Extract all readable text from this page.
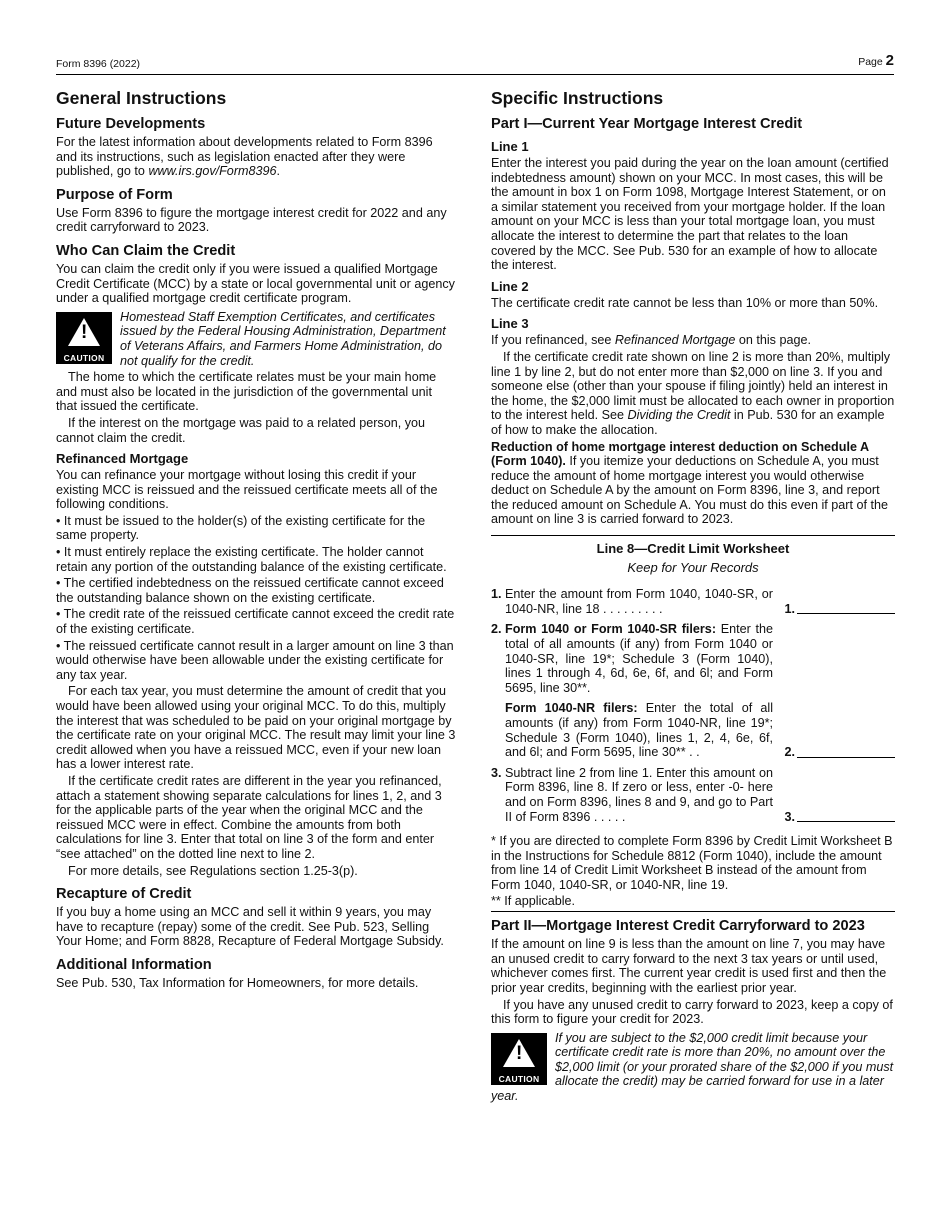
Form 8396 (2022)	Page 2
General Instructions
Future Developments

For the latest information about developments related to Form 8396 and its instructions, such as legislation enacted after they were published, go to www.irs.gov/Form8396.

Purpose of Form

Use Form 8396 to figure the mortgage interest credit for 2022 and any credit carryforward to 2023.

Who Can Claim the Credit

You can claim the credit only if you were issued a qualified Mortgage Credit Certificate (MCC) by a state or local governmental unit or agency under a qualified mortgage credit certificate program.

!
CAUTION
Homestead Staff Exemption Certificates, and certificates issued by the Federal Housing Administration, Department of Veterans Affairs, and Farmers Home Administration, do not qualify for the credit.

The home to which the certificate relates must be your main home and must also be located in the jurisdiction of the governmental unit that issued the certificate.

If the interest on the mortgage was paid to a related person, you cannot claim the credit.

Refinanced Mortgage

You can refinance your mortgage without losing this credit if your existing MCC is reissued and the reissued certificate meets all of the following conditions.

• It must be issued to the holder(s) of the existing certificate for the same property.

• It must entirely replace the existing certificate. The holder cannot retain any portion of the outstanding balance of the existing certificate.

• The certified indebtedness on the reissued certificate cannot exceed the outstanding balance shown on the existing certificate.

• The credit rate of the reissued certificate cannot exceed the credit rate of the existing certificate.

• The reissued certificate cannot result in a larger amount on line 3 than would otherwise have been allowable under the existing certificate for any tax year.

For each tax year, you must determine the amount of credit that you would have been allowed using your original MCC. To do this, multiply the interest that was scheduled to be paid on your original mortgage by the certificate rate on your original MCC. The result may limit your line 3 credit allowed when you have a reissued MCC, even if your new loan has a lower interest rate.

If the certificate credit rates are different in the year you refinanced, attach a statement showing separate calculations for lines 1, 2, and 3 for the applicable parts of the year when the original MCC and the reissued MCC were in effect. Combine the amounts from both calculations for line 3. Enter that total on line 3 of the form and enter “see attached” on the dotted line next to line 2.

For more details, see Regulations section 1.25-3(p).

Recapture of Credit

If you buy a home using an MCC and sell it within 9 years, you may have to recapture (repay) some of the credit. See Pub. 523, Selling Your Home; and Form 8828, Recapture of Federal Mortgage Subsidy.

Additional Information

See Pub. 530, Tax Information for Homeowners, for more details.

Specific Instructions
Part I—Current Year Mortgage Interest Credit
Line 1

Enter the interest you paid during the year on the loan amount (certified indebtedness amount) shown on your MCC. In most cases, this will be the amount in box 1 on Form 1098, Mortgage Interest Statement, or on a similar statement you received from your mortgage holder. If the loan amount on your MCC is less than your total mortgage loan, you must allocate the interest to determine the part that relates to the loan covered by the MCC. See Pub. 530 for an example of how to allocate the interest.

Line 2

The certificate credit rate cannot be less than 10% or more than 50%.

Line 3

If you refinanced, see Refinanced Mortgage on this page.

If the certificate credit rate shown on line 2 is more than 20%, multiply line 1 by line 2, but do not enter more than $2,000 on line 3. If you and someone else (other than your spouse if filing jointly) held an interest in the home, the $2,000 limit must be allocated to each owner in proportion to the interest held. See Dividing the Credit in Pub. 530 for an example of how to make the allocation.

Reduction of home mortgage interest deduction on Schedule A (Form 1040). If you itemize your deductions on Schedule A, you must reduce the amount of home mortgage interest you would otherwise deduct on Schedule A by the amount on Form 8396, line 3, and report the reduced amount on Schedule A. You must do this even if part of the amount on line 3 is carried forward to 2023.

Line 8—Credit Limit Worksheet
Keep for Your Records
1. Enter the amount from Form 1040, 1040-SR, or 1040-NR, line 18 . . . . . . . . .	1.
2. Form 1040 or Form 1040-SR filers: Enter the total of all amounts (if any) from Form 1040 or 1040-SR, line 19*; Schedule 3 (Form 1040), lines 1 through 4, 6d, 6e, 6f, and 6l; and Form 5695, line 30**.
Form 1040-NR filers: Enter the total of all amounts (if any) from Form 1040-NR, line 19*; Schedule 3 (Form 1040), lines 1, 2, 4, 6e, 6f, and 6l; and Form 5695, line 30** . .	2.
3. Subtract line 2 from line 1. Enter this amount on Form 8396, line 8. If zero or less, enter -0- here and on Form 8396, lines 8 and 9, and go to Part II of Form 8396 . . . . .	3.

* If you are directed to complete Form 8396 by Credit Limit Worksheet B in the Instructions for Schedule 8812 (Form 1040), include the amount from line 14 of Credit Limit Worksheet B instead of the amount from Form 1040, 1040-SR, or 1040-NR, line 19.

** If applicable.

Part II—Mortgage Interest Credit Carryforward to 2023

If the amount on line 9 is less than the amount on line 7, you may have an unused credit to carry forward to the next 3 tax years or until used, whichever comes first. The current year credit is used first and then the prior year credits, beginning with the earliest prior year.

If you have any unused credit to carry forward to 2023, keep a copy of this form to figure your credit for 2023.

!
CAUTION
If you are subject to the $2,000 credit limit because your certificate credit rate is more than 20%, no amount over the $2,000 limit (or your prorated share of the $2,000 if you must allocate the credit) may be carried forward for use in a later year.
